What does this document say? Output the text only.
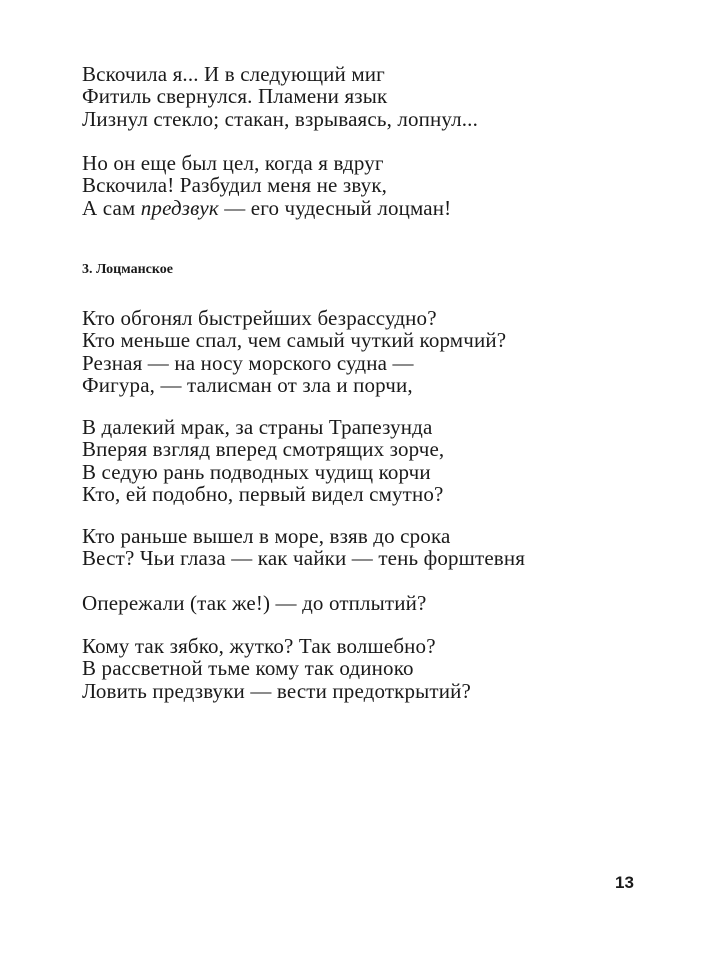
Вскочила я... И в следующий миг
Фитиль свернулся. Пламени язык
Лизнул стекло; стакан, взрываясь, лопнул...
Но он еще был цел, когда я вдруг
Вскочила! Разбудил меня не звук,
А сам предзвук — его чудесный лоцман!
3. Лоцманское
Кто обгонял быстрейших безрассудно?
Кто меньше спал, чем самый чуткий кормчий?
Резная — на носу морского судна —
Фигура, — талисман от зла и порчи,
В далекий мрак, за страны Трапезунда
Вперяя взгляд вперед смотрящих зорче,
В седую рань подводных чудищ корчи
Кто, ей подобно, первый видел смутно?
Кто раньше вышел в море, взяв до срока
Вест? Чьи глаза — как чайки — тень форштевня
Опережали (так же!) — до отплытий?
Кому так зябко, жутко? Так волшебно?
В рассветной тьме кому так одиноко
Ловить предзвуки — вести предоткрытий?
13
